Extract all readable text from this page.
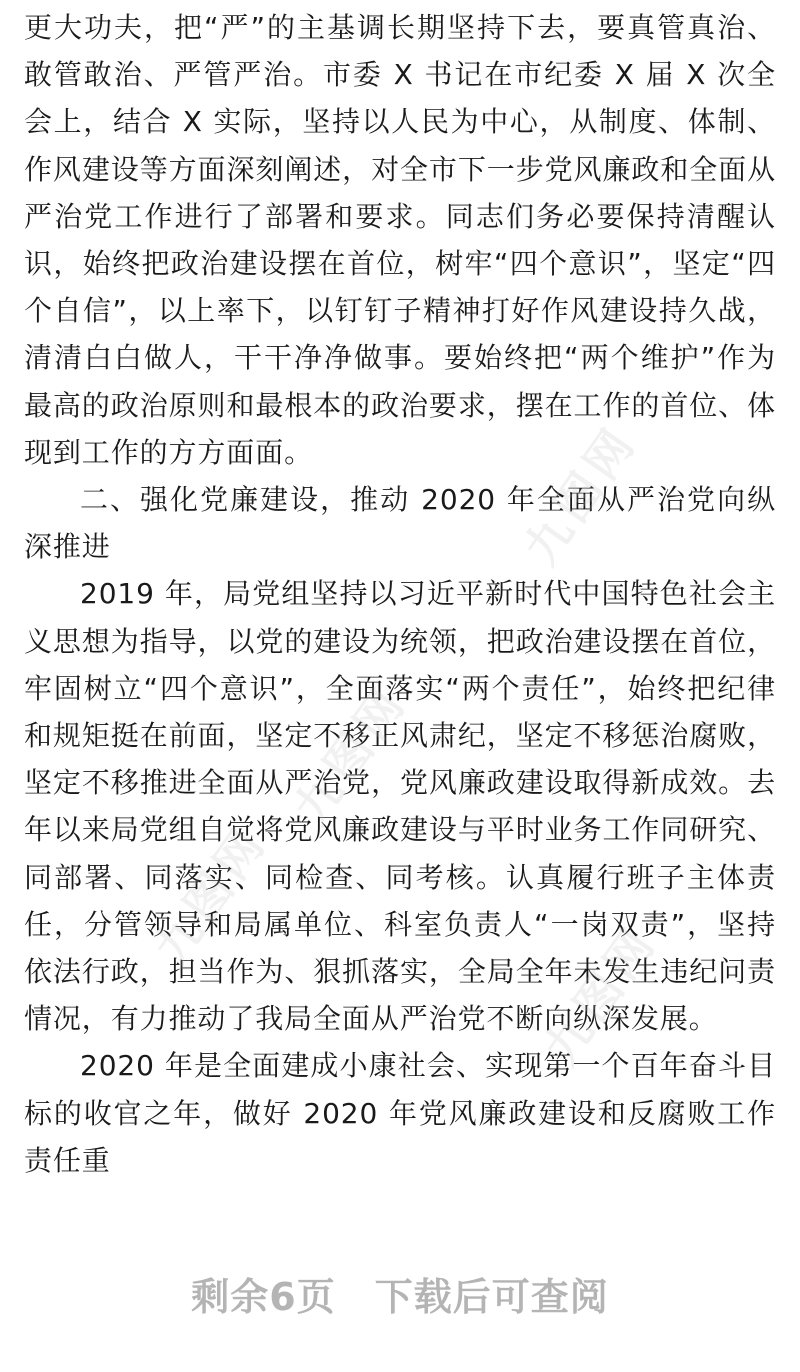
更大功夫，把“严”的主基调长期坚持下去，要真管真治、敢管敢治、严管严治。市委 X 书记在市纪委 X 届 X 次全会上，结合 X 实际，坚持以人民为中心，从制度、体制、作风建设等方面深刻阐述，对全市下一步党风廉政和全面从严治党工作进行了部署和要求。同志们务必要保持清醒认识，始终把政治建设摆在首位，树牢“四个意识”，坚定“四个自信”，以上率下，以钉钉子精神打好作风建设持久战，清清白白做人，干干净净做事。要始终把“两个维护”作为最高的政治原则和最根本的政治要求，摆在工作的首位、体现到工作的方方面面。

二、强化党廉建设，推动 2020 年全面从严治党向纵深推进

2019 年，局党组坚持以习近平新时代中国特色社会主义思想为指导，以党的建设为统领，把政治建设摆在首位，牢固树立“四个意识”，全面落实“两个责任”，始终把纪律和规矩挺在前面，坚定不移正风肃纪，坚定不移惩治腐败，坚定不移推进全面从严治党，党风廉政建设取得新成效。去年以来局党组自觉将党风廉政建设与平时业务工作同研究、同部署、同落实、同检查、同考核。认真履行班子主体责任，分管领导和局属单位、科室负责人“一岗双责”，坚持依法行政，担当作为、狠抓落实，全局全年未发生违纪问责情况，有力推动了我局全面从严治党不断向纵深发展。

2020 年是全面建成小康社会、实现第一个百年奋斗目标的收官之年，做好 2020 年党风廉政建设和反腐败工作责任重

九图网
九图网
九图网
九图网
剩余6页　下载后可查阅
